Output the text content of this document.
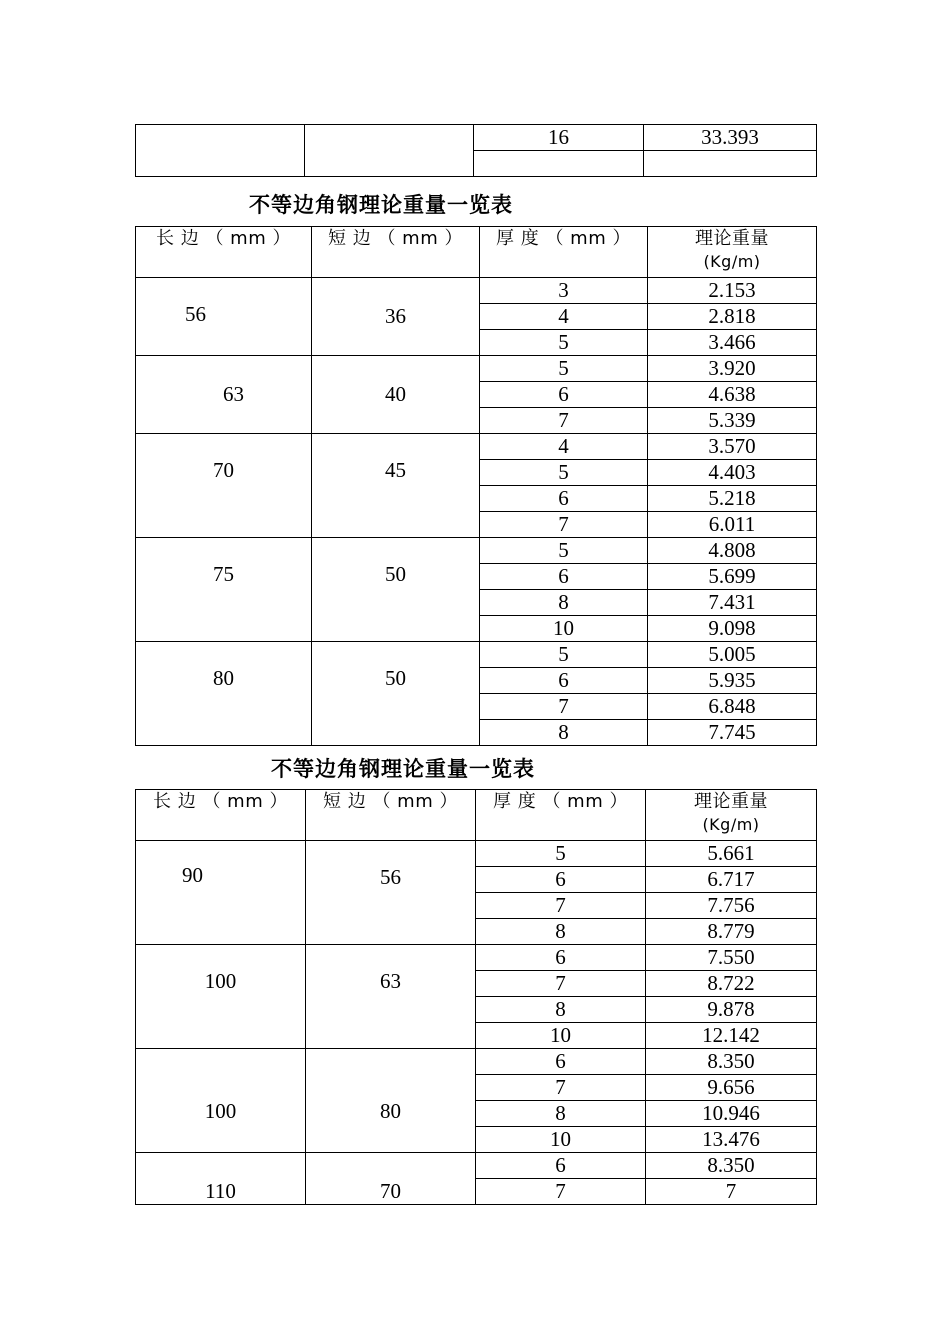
		16	33.393

不等边角钢理论重量一览表
长 边 （ mm ）	短 边 （ mm ）	厚 度 （ mm ）	理论重量
(Kg/m)

56	36	3	2.153
		4	2.818
		5	3.466
63	40	5	3.920
		6	4.638
		7	5.339
70	45	4	3.570
		5	4.403
		6	5.218
		7	6.011
75	50	5	4.808
		6	5.699
		8	7.431
		10	9.098
80	50	5	5.005
		6	5.935
		7	6.848
		8	7.745
不等边角钢理论重量一览表
长 边 （ mm ）	短 边 （ mm ）	厚 度 （ mm ）	理论重量
(Kg/m)

90	56	5	5.661
		6	6.717
		7	7.756
		8	8.779
100	63	6	7.550
		7	8.722
		8	9.878
		10	12.142
100	80	6	8.350
		7	9.656
		8	10.946
		10	13.476
110	70	6	8.350
		7	7
